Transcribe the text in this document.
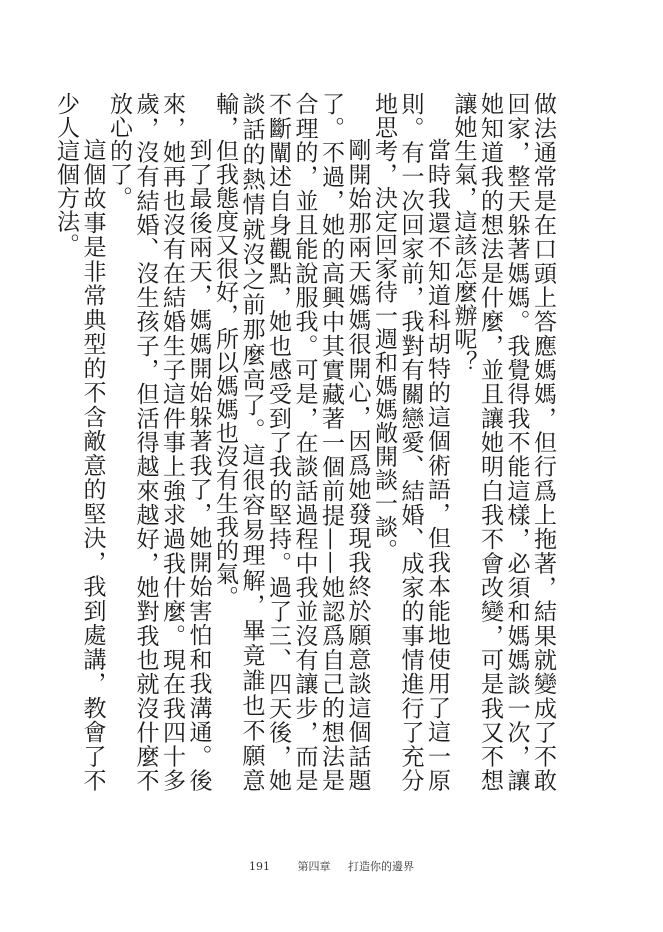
做法通常是在口頭上答應媽媽，但行爲上拖著，結果就變成了不敢回家，整天躲著媽媽。我覺得我不能這樣，必須和媽媽談一次，讓她知道我的想法是什麼，並且讓她明白我不會改變，可是我又不想讓她生氣，這該怎麼辦呢？

當時我還不知道科胡特的這個術語，但我本能地使用了這一原則。有一次回家前，我對有關戀愛、結婚、成家的事情進行了充分地思考，決定回家待一週和媽媽敞開談一談。

剛開始那兩天媽媽很開心，因爲她發現我終於願意談這個話題了。不過，她的高興中其實藏著一個前提——她認爲自己的想法是合理的，並且能說服我。可是，在談話過程中我並沒有讓步，而是不斷闡述自身觀點，她也感受到了我的堅持。過了三、四天後，她談話的熱情就沒之前那麼高了。這很容易理解，畢竟誰也不願意輸，但我態度又很好，所以媽媽也沒有生我的氣。

到了最後兩天，媽媽開始躲著我了，她開始害怕和我溝通。後來，她再也沒有在結婚生子這件事上強求過我什麼。現在我四十多歲，沒有結婚、沒生孩子，但活得越來越好，她對我也就沒什麼不放心的了。

這個故事是非常典型的不含敵意的堅決，我到處講，教會了不少人這個方法。

191	第四章 打造你的邊界
